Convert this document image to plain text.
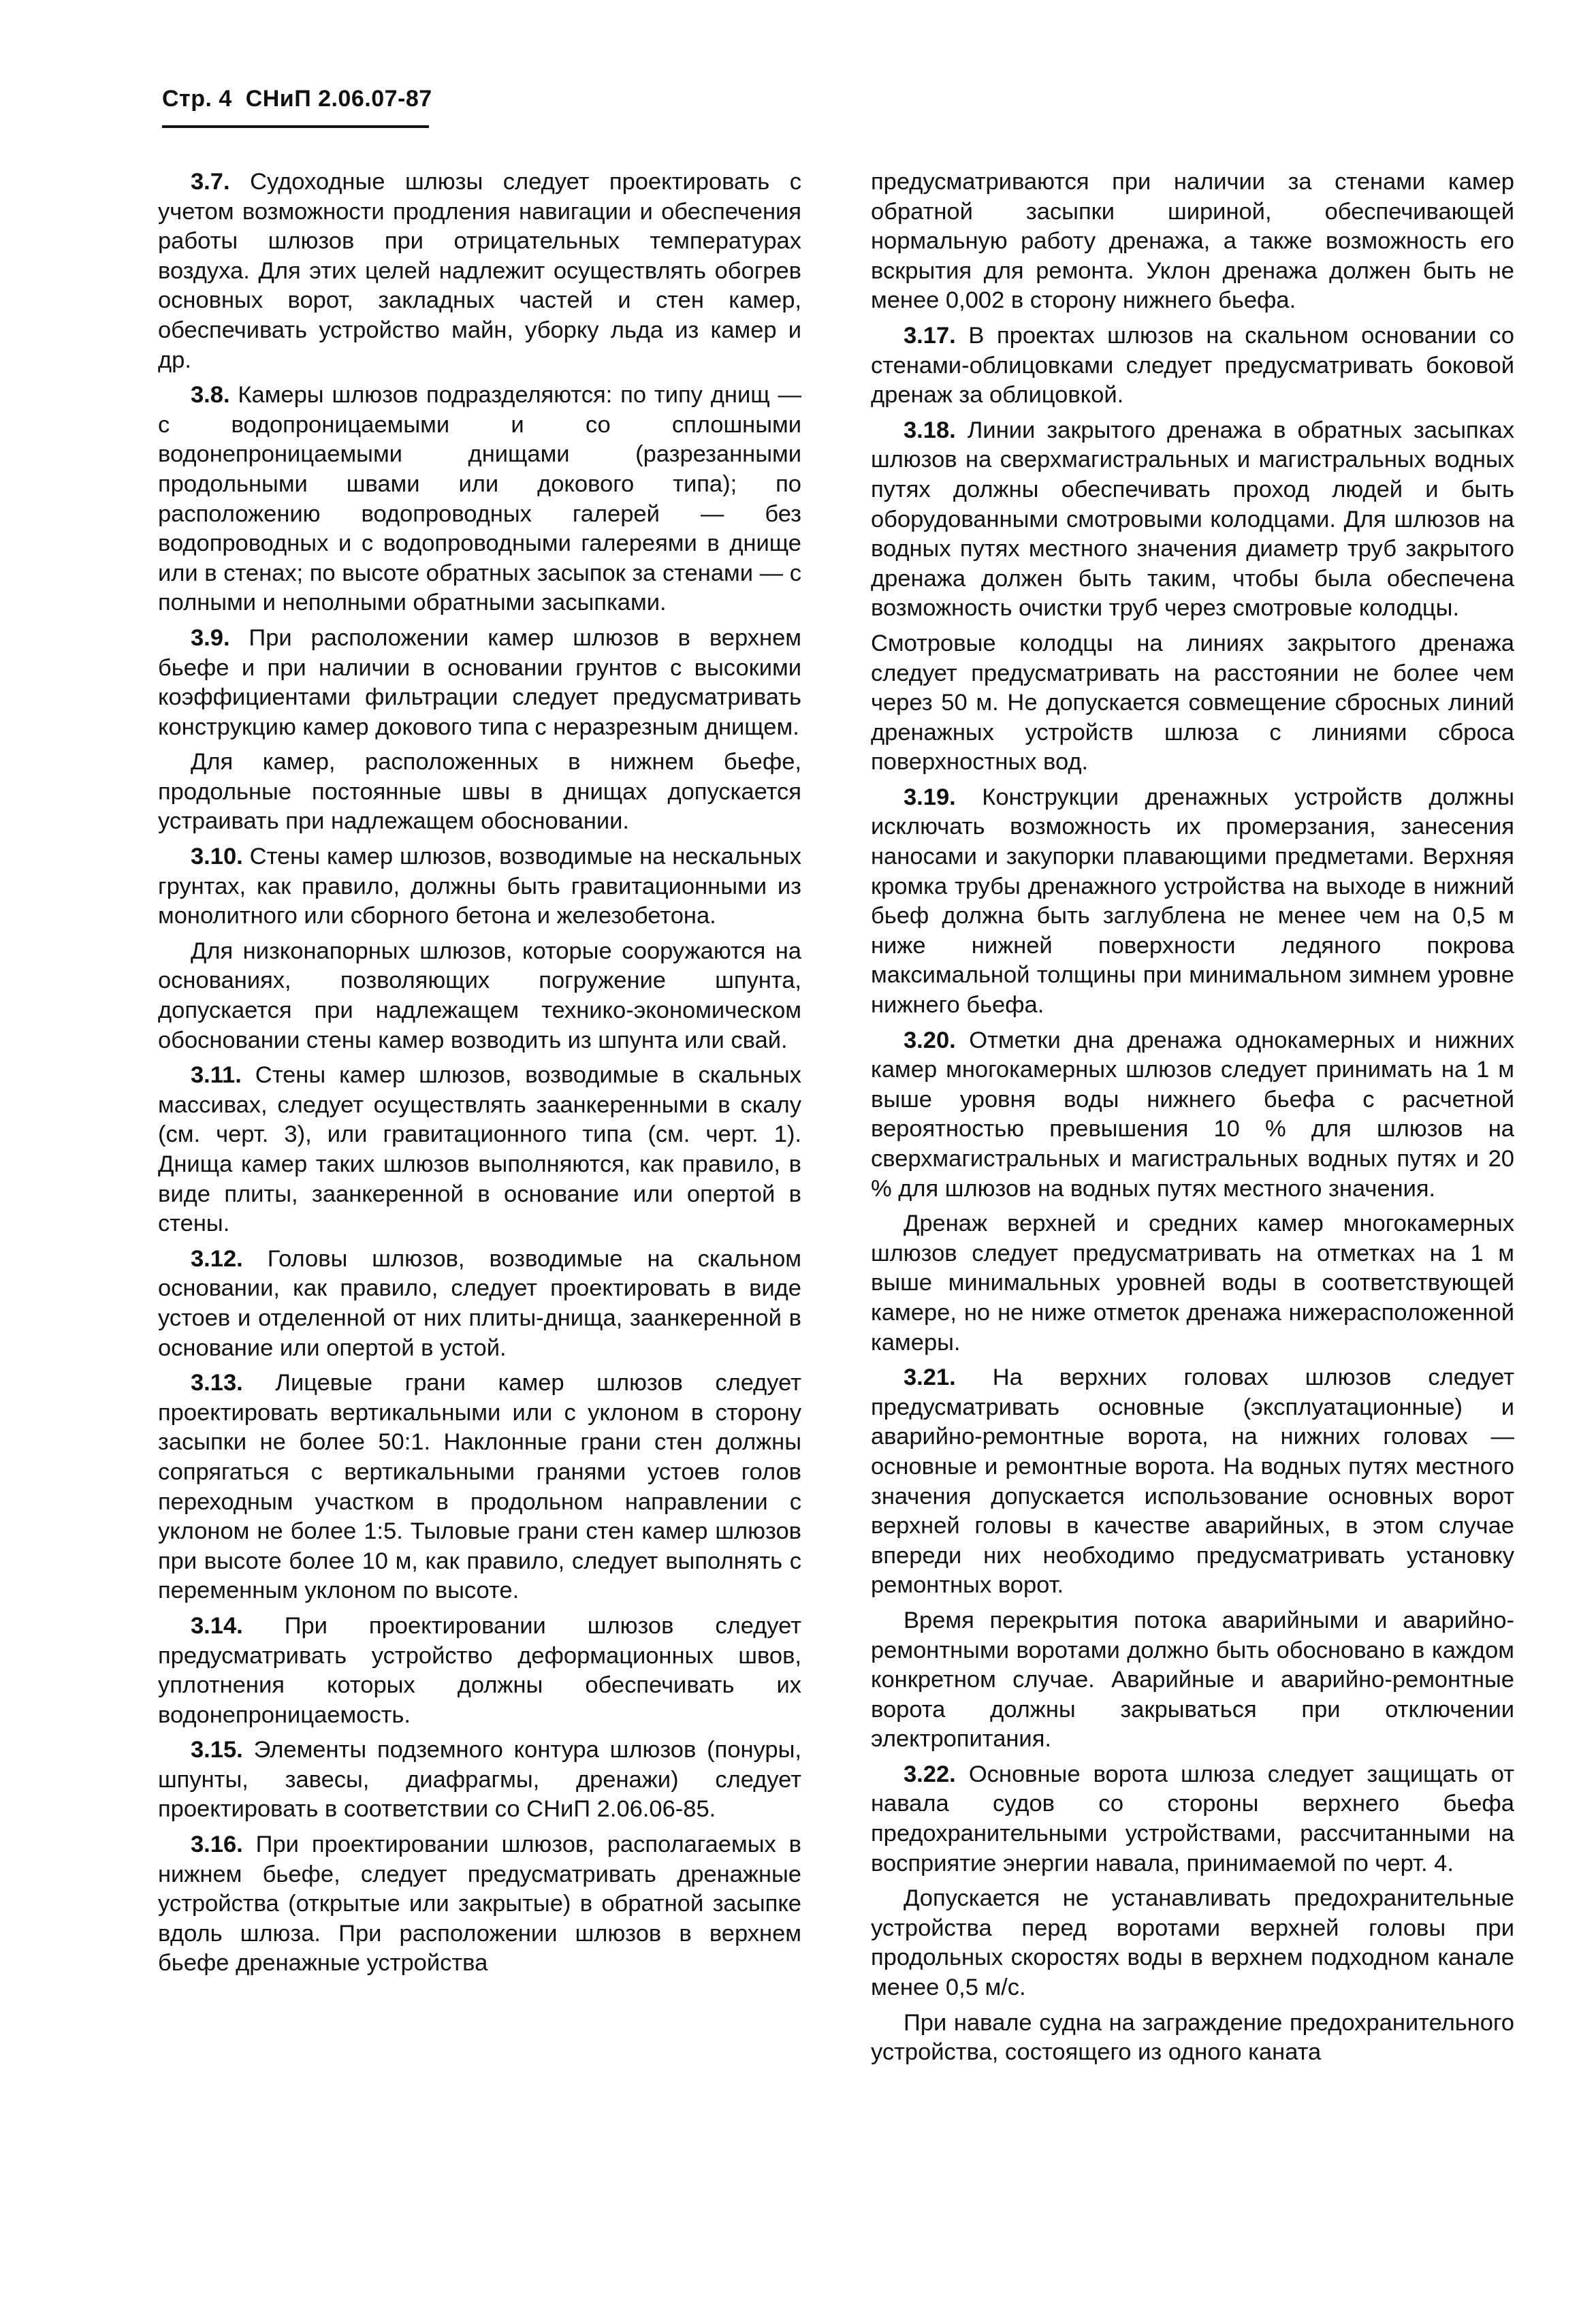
Стр. 4 СНиП 2.06.07-87

3.7. Судоходные шлюзы следует проектировать с учетом возможности продления навигации и обеспечения работы шлюзов при отрицательных температурах воздуха. Для этих целей надлежит осуществлять обогрев основных ворот, закладных частей и стен камер, обеспечивать устройство майн, уборку льда из камер и др.

3.8. Камеры шлюзов подразделяются: по типу днищ — с водопроницаемыми и со сплошными водонепроницаемыми днищами (разрезанными продольными швами или докового типа); по расположению водопроводных галерей — без водопроводных и с водопроводными галереями в днище или в стенах; по высоте обратных засыпок за стенами — с полными и неполными обратными засыпками.

3.9. При расположении камер шлюзов в верхнем бьефе и при наличии в основании грунтов с высокими коэффициентами фильтрации следует предусматривать конструкцию камер докового типа с неразрезным днищем.

Для камер, расположенных в нижнем бьефе, продольные постоянные швы в днищах допускается устраивать при надлежащем обосновании.

3.10. Стены камер шлюзов, возводимые на нескальных грунтах, как правило, должны быть гравитационными из монолитного или сборного бетона и железобетона.

Для низконапорных шлюзов, которые сооружаются на основаниях, позволяющих погружение шпунта, допускается при надлежащем технико-экономическом обосновании стены камер возводить из шпунта или свай.

3.11. Стены камер шлюзов, возводимые в скальных массивах, следует осуществлять заанкеренными в скалу (см. черт. 3), или гравитационного типа (см. черт. 1). Днища камер таких шлюзов выполняются, как правило, в виде плиты, заанкеренной в основание или опертой в стены.

3.12. Головы шлюзов, возводимые на скальном основании, как правило, следует проектировать в виде устоев и отделенной от них плиты-днища, заанкеренной в основание или опертой в устой.

3.13. Лицевые грани камер шлюзов следует проектировать вертикальными или с уклоном в сторону засыпки не более 50:1. Наклонные грани стен должны сопрягаться с вертикальными гранями устоев голов переходным участком в продольном направлении с уклоном не более 1:5. Тыловые грани стен камер шлюзов при высоте более 10 м, как правило, следует выполнять с переменным уклоном по высоте.

3.14. При проектировании шлюзов следует предусматривать устройство деформационных швов, уплотнения которых должны обеспечивать их водонепроницаемость.

3.15. Элементы подземного контура шлюзов (понуры, шпунты, завесы, диафрагмы, дренажи) следует проектировать в соответствии со СНиП 2.06.06-85.

3.16. При проектировании шлюзов, располагаемых в нижнем бьефе, следует предусматривать дренажные устройства (открытые или закрытые) в обратной засыпке вдоль шлюза. При расположении шлюзов в верхнем бьефе дренажные устройства

предусматриваются при наличии за стенами камер обратной засыпки шириной, обеспечивающей нормальную работу дренажа, а также возможность его вскрытия для ремонта. Уклон дренажа должен быть не менее 0,002 в сторону нижнего бьефа.

3.17. В проектах шлюзов на скальном основании со стенами-облицовками следует предусматривать боковой дренаж за облицовкой.

3.18. Линии закрытого дренажа в обратных засыпках шлюзов на сверхмагистральных и магистральных водных путях должны обеспечивать проход людей и быть оборудованными смотровыми колодцами. Для шлюзов на водных путях местного значения диаметр труб закрытого дренажа должен быть таким, чтобы была обеспечена возможность очистки труб через смотровые колодцы.

Смотровые колодцы на линиях закрытого дренажа следует предусматривать на расстоянии не более чем через 50 м. Не допускается совмещение сбросных линий дренажных устройств шлюза с линиями сброса поверхностных вод.

3.19. Конструкции дренажных устройств должны исключать возможность их промерзания, занесения наносами и закупорки плавающими предметами. Верхняя кромка трубы дренажного устройства на выходе в нижний бьеф должна быть заглублена не менее чем на 0,5 м ниже нижней поверхности ледяного покрова максимальной толщины при минимальном зимнем уровне нижнего бьефа.

3.20. Отметки дна дренажа однокамерных и нижних камер многокамерных шлюзов следует принимать на 1 м выше уровня воды нижнего бьефа с расчетной вероятностью превышения 10 % для шлюзов на сверхмагистральных и магистральных водных путях и 20 % для шлюзов на водных путях местного значения.

Дренаж верхней и средних камер многокамерных шлюзов следует предусматривать на отметках на 1 м выше минимальных уровней воды в соответствующей камере, но не ниже отметок дренажа нижерасположенной камеры.

3.21. На верхних головах шлюзов следует предусматривать основные (эксплуатационные) и аварийно-ремонтные ворота, на нижних головах — основные и ремонтные ворота. На водных путях местного значения допускается использование основных ворот верхней головы в качестве аварийных, в этом случае впереди них необходимо предусматривать установку ремонтных ворот.

Время перекрытия потока аварийными и аварийно-ремонтными воротами должно быть обосновано в каждом конкретном случае. Аварийные и аварийно-ремонтные ворота должны закрываться при отключении электропитания.

3.22. Основные ворота шлюза следует защищать от навала судов со стороны верхнего бьефа предохранительными устройствами, рассчитанными на восприятие энергии навала, принимаемой по черт. 4.

Допускается не устанавливать предохранительные устройства перед воротами верхней головы при продольных скоростях воды в верхнем подходном канале менее 0,5 м/с.

При навале судна на заграждение предохранительного устройства, состоящего из одного каната
